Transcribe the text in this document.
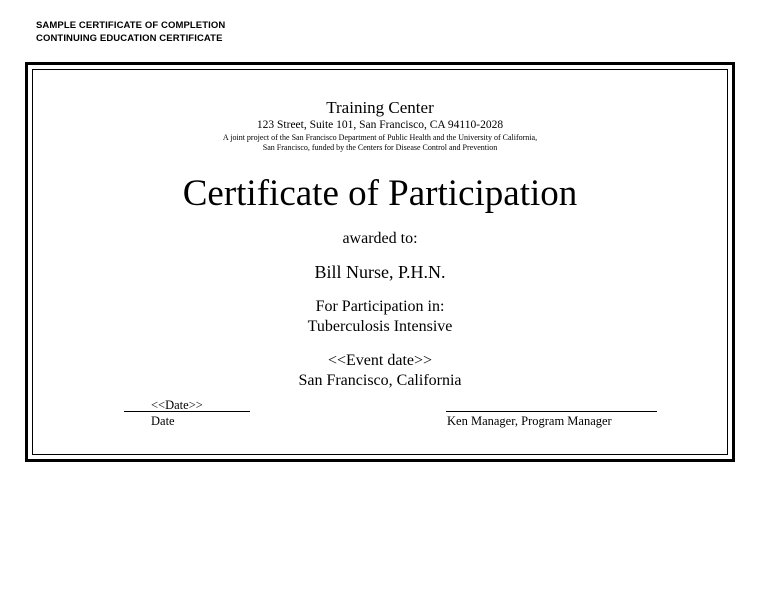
SAMPLE CERTIFICATE OF COMPLETION
CONTINUING EDUCATION CERTIFICATE
Training Center
123 Street, Suite 101, San Francisco, CA 94110-2028
A joint project of the San Francisco Department of Public Health and the University of California,
San Francisco, funded by the Centers for Disease Control and Prevention
Certificate of Participation
awarded to:
Bill Nurse, P.H.N.
For Participation in:
Tuberculosis Intensive
<<Event date>>
San Francisco, California
<<Date>>
Date	Ken Manager, Program Manager
